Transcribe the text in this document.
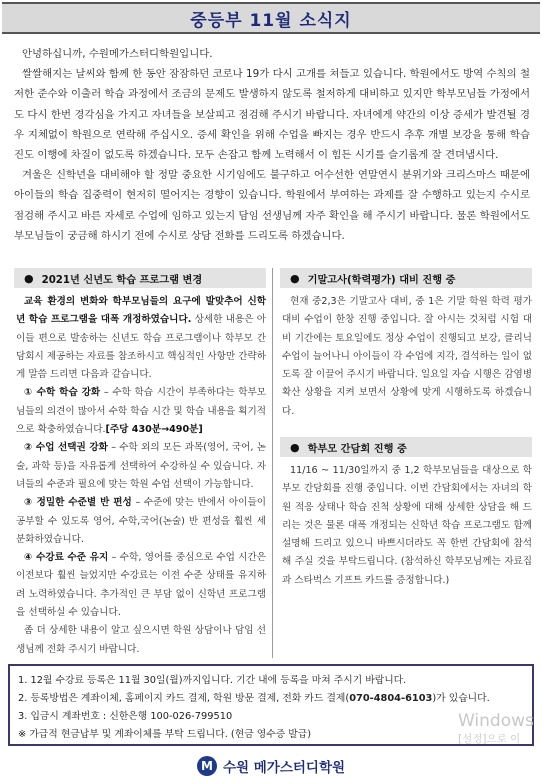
중등부 11월 소식지

안녕하십니까, 수원메가스터디학원입니다.

쌀쌀해지는 날씨와 함께 한 동안 잠잠하던 코로나 19가 다시 고개를 쳐들고 있습니다. 학원에서도 방역 수칙의 철저한 준수와 이출러 학습 과정에서 조금의 문제도 발생하지 않도록 철저하게 대비하고 있지만 학부모님들 가정에서도 다시 한번 경각심을 가지고 자녀들을 보살피고 점검해 주시기 바랍니다. 자녀에게 약간의 이상 증세가 발견될 경우 지체없이 학원으로 연락해 주십시오. 증세 확인을 위해 수업을 빠지는 경우 반드시 추후 개별 보강을 통해 학습 진도 이행에 차질이 없도록 하겠습니다. 모두 손잡고 함께 노력해서 이 힘든 시기를 슬기롭게 잘 견뎌냅시다.

겨울은 신학년을 대비해야 할 정말 중요한 시기임에도 불구하고 어수선한 연말연시 분위기와 크리스마스 때문에 아이들의 학습 집중력이 현저히 떨어지는 경향이 있습니다. 학원에서 부여하는 과제를 잘 수행하고 있는지 수시로 점검해 주시고 바른 자세로 수업에 임하고 있는지 담임 선생님께 자주 확인을 해 주시기 바랍니다. 물론 학원에서도 부모님들이 궁금해 하시기 전에 수시로 상담 전화를 드리도록 하겠습니다.

● 2021년 신년도 학습 프로그램 변경

교육 환경의 변화와 학부모님들의 요구에 발맞추어 신학년 학습 프로그램을 대폭 개정하였습니다. 상세한 내용은 아이들 편으로 발송하는 신년도 학습 프로그램이나 학부모 간담회시 제공하는 자료를 참조하시고 핵심적인 사항만 간략하게 말씀 드리면 다음과 같습니다.

① 수학 학습 강화 – 수학 학습 시간이 부족하다는 학부모님들의 의견이 많아서 수학 학습 시간 및 학습 내용을 획기적으로 확충하였습니다.[주당 430분→490분]

② 수업 선택권 강화 – 수학 외의 모든 과목(영어, 국어, 논술, 과학 등)을 자유롭게 선택하여 수강하실 수 있습니다. 자녀들의 수준과 필요에 맞는 학원 수업 선택이 가능합니다.

③ 정밀한 수준별 반 편성 – 수준에 맞는 반에서 아이들이 공부할 수 있도록 영어, 수학,국어(논술) 반 편성을 훨씬 세분화하였습니다.

④ 수강료 수준 유지 – 수학, 영어를 중심으로 수업 시간은 이전보다 훨씬 늘었지만 수강료는 이전 수준 상태를 유지하려 노력하였습니다. 추가적인 큰 부담 없이 신학년 프로그램을 선택하실 수 있습니다.

좀 더 상세한 내용이 알고 싶으시면 학원 상담이나 담임 선생님께 전화 주시기 바랍니다.

● 기말고사(학력평가) 대비 진행 중

현재 중2,3은 기말고사 대비, 중 1은 기말 학원 학력 평가 대비 수업이 한창 진행 중입니다. 잘 아시는 것처럼 시험 대비 기간에는 토요일에도 정상 수업이 진행되고 보강, 클리닉 수업이 늘어나니 아이들이 각 수업에 지각, 결석하는 일이 없도록 잘 이끌어 주시기 바랍니다. 일요일 자습 시행은 감염병 확산 상황을 지켜 보면서 상황에 맞게 시행하도록 하겠습니다.

● 학부모 간담회 진행 중

11/16 ~ 11/30일까지 중 1,2 학부모님들을 대상으로 학부모 간담회를 진행 중입니다. 이번 간담회에서는 자녀의 학원 적응 상태나 학습 진척 상황에 대해 상세한 상담을 해 드리는 것은 물론 대폭 개정되는 신학년 학습 프로그램도 함께 설명해 드리고 있으니 바쁘시더라도 꼭 한번 간담회에 참석해 주실 것을 부탁드립니다. (참석하신 학부모님께는 자료집과 스타벅스 기프트 카드를 증정합니다.)

1. 12월 수강료 등록은 11월 30일(월)까지입니다. 기간 내에 등록을 마쳐 주시기 바랍니다.
2. 등록방법은 계좌이체, 홈페이지 카드 결제, 학원 방문 결제, 전화 카드 결제(070-4804-6103)가 있습니다.
3. 입금시 계좌번호 : 신한은행 100-026-799510
※ 가급적 현금납부 및 계좌이체를 부탁 드립니다. (현금 영수증 발급)
M 수원 메가스터디학원
Windows
[설정]으로 이
